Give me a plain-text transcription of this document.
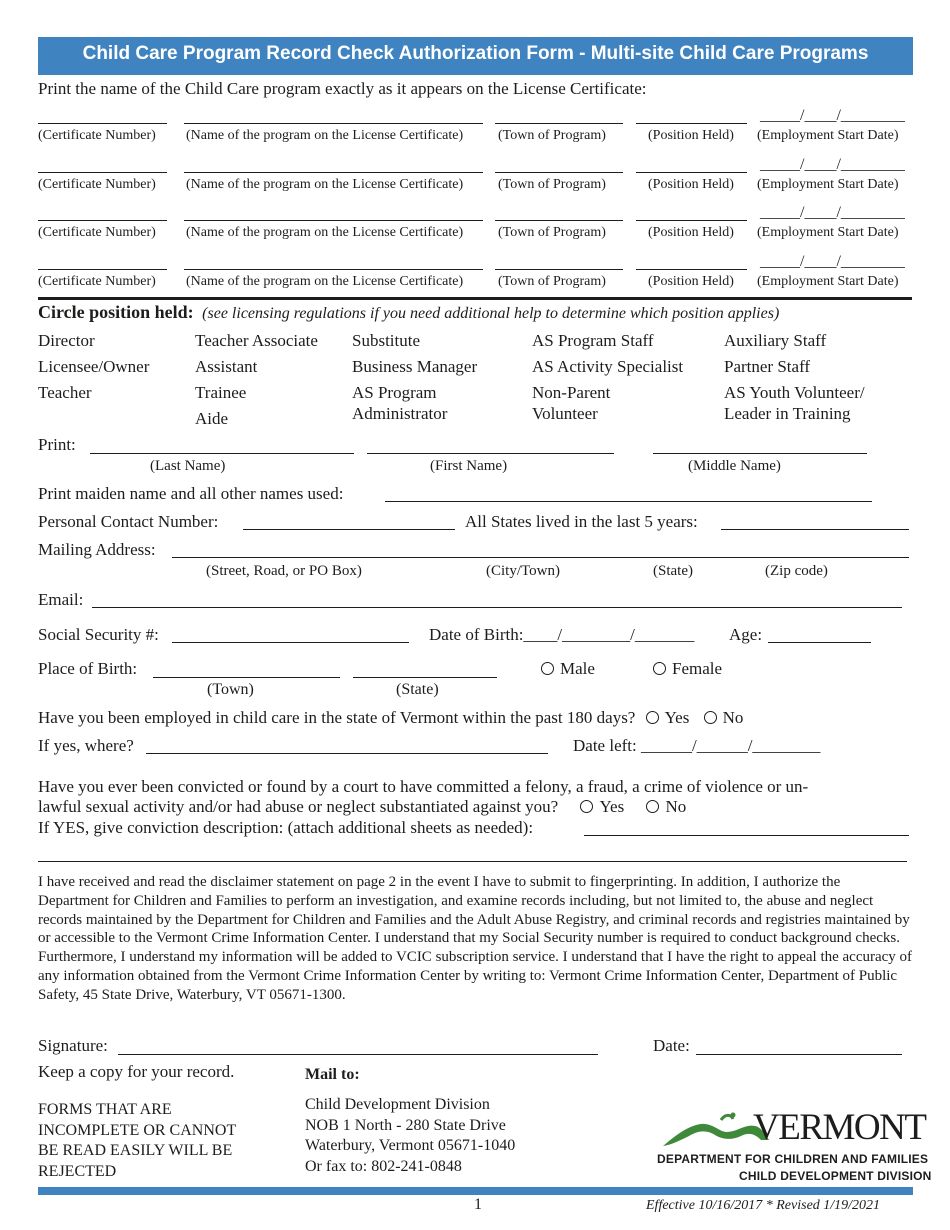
Child Care Program Record Check Authorization Form - Multi-site Child Care Programs
Print the name of the Child Care program exactly as it appears on the License Certificate:
(Certificate Number) (Name of the program on the License Certificate) (Town of Program)	(Position Held)
_____/____/________
(Employment Start Date)
(Certificate Number) (Name of the program on the License Certificate) (Town of Program)	(Position Held)
_____/____/________
(Employment Start Date)
(Certificate Number) (Name of the program on the License Certificate) (Town of Program)	(Position Held)
_____/____/________
(Employment Start Date)
(Certificate Number) (Name of the program on the License Certificate) (Town of Program)	(Position Held)
_____/____/________
(Employment Start Date)
Circle position held: (see licensing regulations if you need additional help to determine which position applies)
Director
Licensee/Owner
Teacher
Teacher Associate
Assistant
Trainee
Aide
Substitute
Business Manager
AS Program
Administrator
AS Program Staff
AS Activity Specialist
Non-Parent
Volunteer
Auxiliary Staff
Partner Staff
AS Youth Volunteer/
Leader in Training
Print:
(Last Name)	(First Name)	(Middle Name)
Print maiden name and all other names used:
Personal Contact Number:	All States lived in the last 5 years:
Mailing Address:
(Street, Road, or PO Box)	(City/Town)	(State)	(Zip code)
Email:
Social Security #:	Date of Birth:____/________/_______ Age:
Place of Birth:	Male	Female
(Town)	(State)
Have you been employed in child care in the state of Vermont within the past 180 days? Yes No
If yes, where?	Date left: ______/______/________
Have you ever been convicted or found by a court to have committed a felony, a fraud, a crime of violence or un-
lawful sexual activity and/or had abuse or neglect substantiated against you? Yes No
If YES, give conviction description: (attach additional sheets as needed):
I have received and read the disclaimer statement on page 2 in the event I have to submit to fingerprinting. In addition, I authorize the Department for Children and Families to perform an investigation, and examine records including, but not limited to, the abuse and neglect records maintained by the Department for Children and Families and the Adult Abuse Registry, and criminal records and registries maintained by or accessible to the Vermont Crime Information Center. I understand that my Social Security number is required to conduct background checks. Furthermore, I understand my information will be added to VCIC subscription service. I understand that I have the right to appeal the accuracy of any information obtained from the Vermont Crime Information Center by writing to: Vermont Crime Information Center, Department of Public Safety, 45 State Drive, Waterbury, VT 05671-1300.
Signature:	Date:
Keep a copy for your record.	Mail to:
FORMS THAT ARE
INCOMPLETE OR CANNOT
BE READ EASILY WILL BE
REJECTED
Child Development Division
NOB 1 North - 280 State Drive
Waterbury, Vermont 05671-1040
Or fax to: 802-241-0848
VERMONT
DEPARTMENT FOR CHILDREN AND FAMILIES
CHILD DEVELOPMENT DIVISION
1	Effective 10/16/2017 * Revised 1/19/2021
